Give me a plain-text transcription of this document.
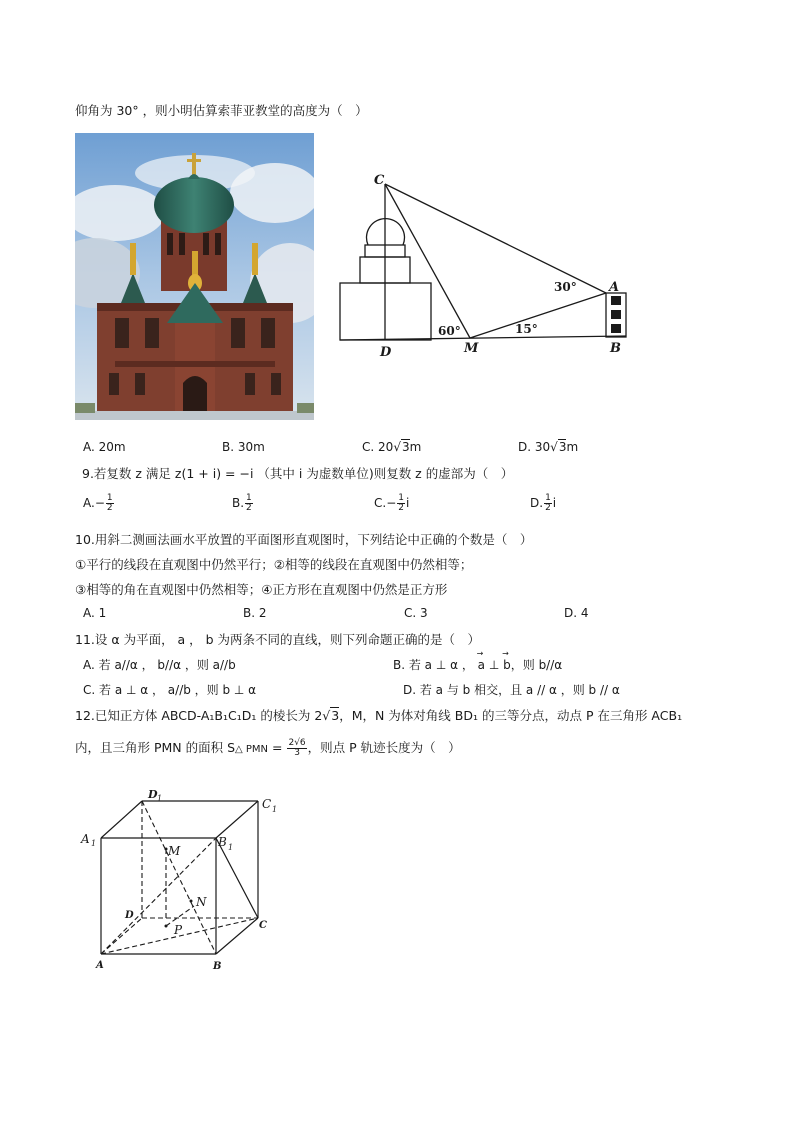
仰角为 30° ，则小明估算索菲亚教堂的高度为（　）
C
A
B
D	M
30°
60°	15°
A. 20m	B. 30m	C. 20√3m	D. 30√3m
9.若复数 z 满足 z(1 + i) = −i （其中 i 为虚数单位)则复数 z 的虚部为（　）
$A.- \frac{1}{2}$	B. $\frac{1}{2}$	$C.- \frac{1}{2}$ i	D. $\frac{1}{2}$ i
10.用斜二测画法画水平放置的平面图形直观图时，下列结论中正确的个数是（　）
①平行的线段在直观图中仍然平行；②相等的线段在直观图中仍然相等；
③相等的角在直观图中仍然相等；④正方形在直观图中仍然是正方形
A. 1	B. 2	C. 3	D. 4
11.设 α 为平面， a ， b 为两条不同的直线，则下列命题正确的是（　）
A. 若 a//α ， b//α ，则 a//b	B. 若 a ⊥ α ， → a ⊥ → b，则 b//α
C. 若 a ⊥ α ， a//b ，则 b ⊥ α	D. 若 a 与 b 相交，且 a // α ，则 b // α
12.已知正方体 ABCD-A₁B₁C₁D₁ 的棱长为 2√3，M，N 为体对角线 BD₁ 的三等分点，动点 P 在三角形 ACB₁
内，且三角形 PMN 的面积 S△ PMN = $\frac{2√6}{3}$ ，则点 P 轨迹长度为（　）
A	B
C
D
A 1	B 1
C 1
D 1
M
N
P
